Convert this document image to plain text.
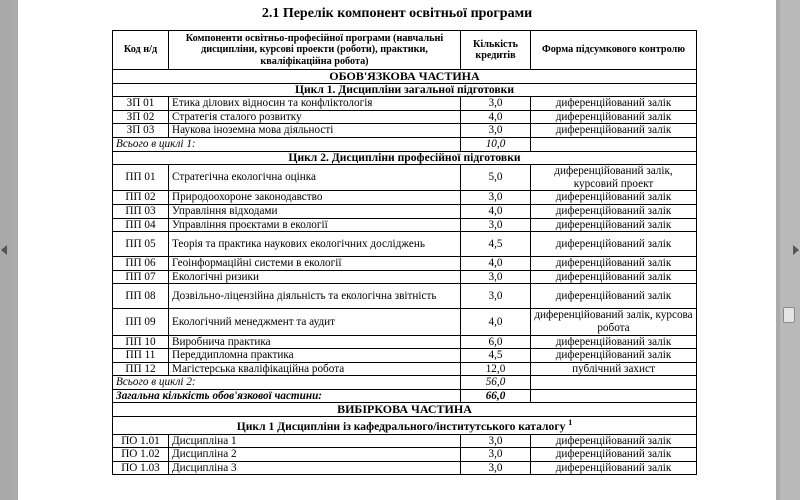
2.1 Перелік компонент освітньої програми
Код н/д	Компоненти освітньо-професійної програми (навчальні дисципліни, курсові проекти (роботи), практики, кваліфікаційна робота)	Кількість кредитів	Форма підсумкового контролю
ОБОВ'ЯЗКОВА ЧАСТИНА			
Цикл 1. Дисципліни загальної підготовки			
ЗП 01	Етика ділових відносин та конфліктологія	3,0	диференційований залік
ЗП 02	Стратегія сталого розвитку	4,0	диференційований залік
ЗП 03	Наукова іноземна мова діяльності	3,0	диференційований залік
Всього в циклі 1:		10,0	
Цикл 2. Дисципліни професійної підготовки			
ПП 01	Стратегічна екологічна оцінка	5,0	диференційований залік, курсовий проект
ПП 02	Природоохороне законодавство	3,0	диференційований залік
ПП 03	Управління відходами	4,0	диференційований залік
ПП 04	Управління проєктами в екології	3,0	диференційований залік
ПП 05	Теорія та практика наукових екологічних досліджень	4,5	диференційований залік
ПП 06	Геоінформаційні системи в екології	4,0	диференційований залік
ПП 07	Екологічні ризики	3,0	диференційований залік
ПП 08	Дозвільно-ліцензійна діяльність та екологічна звітність	3,0	диференційований залік
ПП 09	Екологічний менеджмент та аудит	4,0	диференційований залік, курсова робота
ПП 10	Виробнича практика	6,0	диференційований залік
ПП 11	Переддипломна практика	4,5	диференційований залік
ПП 12	Магістерська кваліфікаційна робота	12,0	публічний захист
Всього в циклі 2:		56,0	
Загальна кількість обов'язкової частини:		66,0	
ВИБІРКОВА ЧАСТИНА			
Цикл 1 Дисципліни із кафедрального/інститутського каталогу $^1$
ПО 1.01	Дисципліна 1	3,0	диференційований залік
ПО 1.02	Дисципліна 2	3,0	диференційований залік
ПО 1.03	Дисципліна 3	3,0	диференційований залік
